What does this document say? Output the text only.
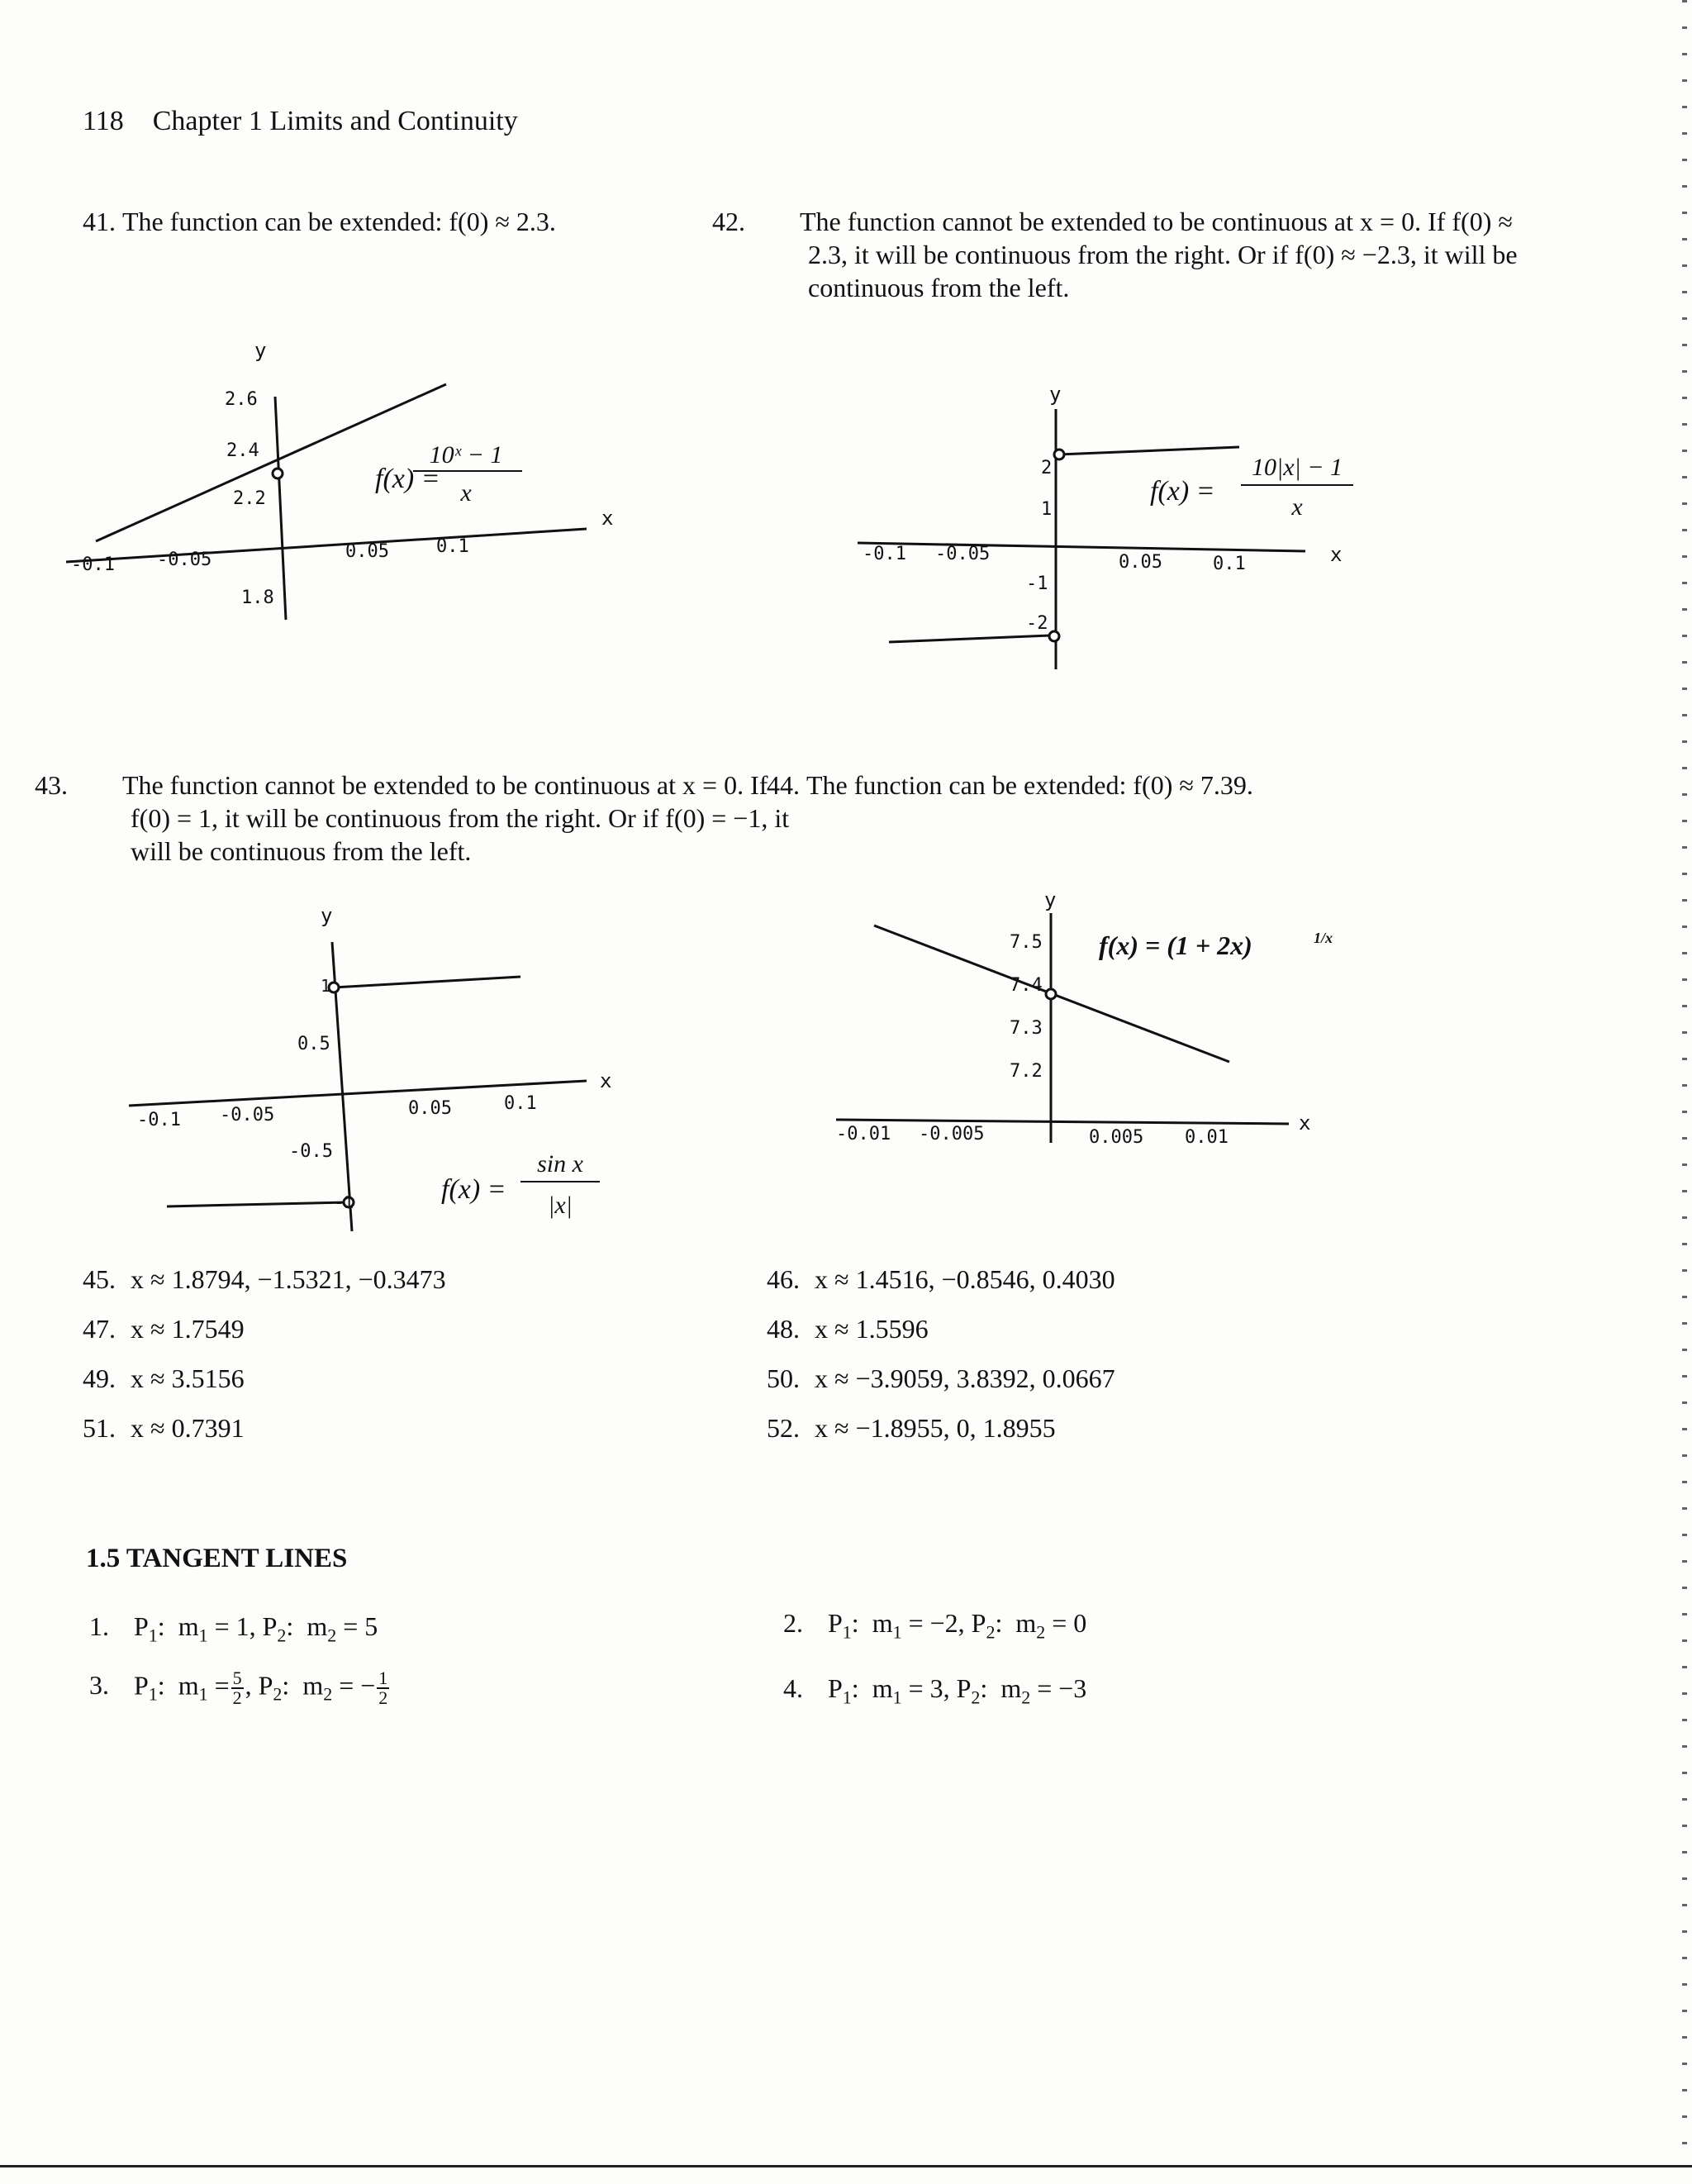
118 Chapter 1 Limits and Continuity
41. The function can be extended: f(0) ≈ 2.3.	42. The function cannot be extended to be continuous at x = 0. If f(0) ≈ 2.3, it will be continuous from the right. Or if f(0) ≈ −2.3, it will be continuous from the left.
43. The function cannot be extended to be continuous at x = 0. If f(0) = 1, it will be continuous from the right. Or if f(0) = −1, it will be continuous from the left.
44. The function can be extended: f(0) ≈ 7.39.
y
x
2.6
2.4
2.2
1.8
-0.1 -0.05	0.05	0.1
f(x) =
10ˣ − 1
x
y
x
2
1
-1
-2
-0.1 -0.05	0.05	0.1
f(x) =
10|x| − 1
x
y
x
1
0.5
-0.5
-1
-0.1 -0.05	0.05	0.1
f(x) =
sin x
|x|
y
x
7.5
7.4
7.3
7.2
-0.01 -0.005	0.005 0.01
f(x) = (1 + 2x)	1/x
45. x ≈ 1.8794, −1.5321, −0.3473	46. x ≈ 1.4516, −0.8546, 0.4030
47. x ≈ 1.7549	48. x ≈ 1.5596
49. x ≈ 3.5156	50. x ≈ −3.9059, 3.8392, 0.0667
51. x ≈ 0.7391	52. x ≈ −1.8955, 0, 1.8955
1.5 TANGENT LINES
1. $P_1$:  $m_1 = 1$, $P_2$:  $m_2 = 5$	2. $P_1$:  $m_1 = -2$, $P_2$:  $m_2 = 0$
3. $P_1$:  $m_1 = \frac{5}{2}$ , $P_2$:  $m_2$ = − $\frac{1}{2}$	4. $P_1$:  $m_1 = 3$, $P_2$:  $m_2 = -3$
